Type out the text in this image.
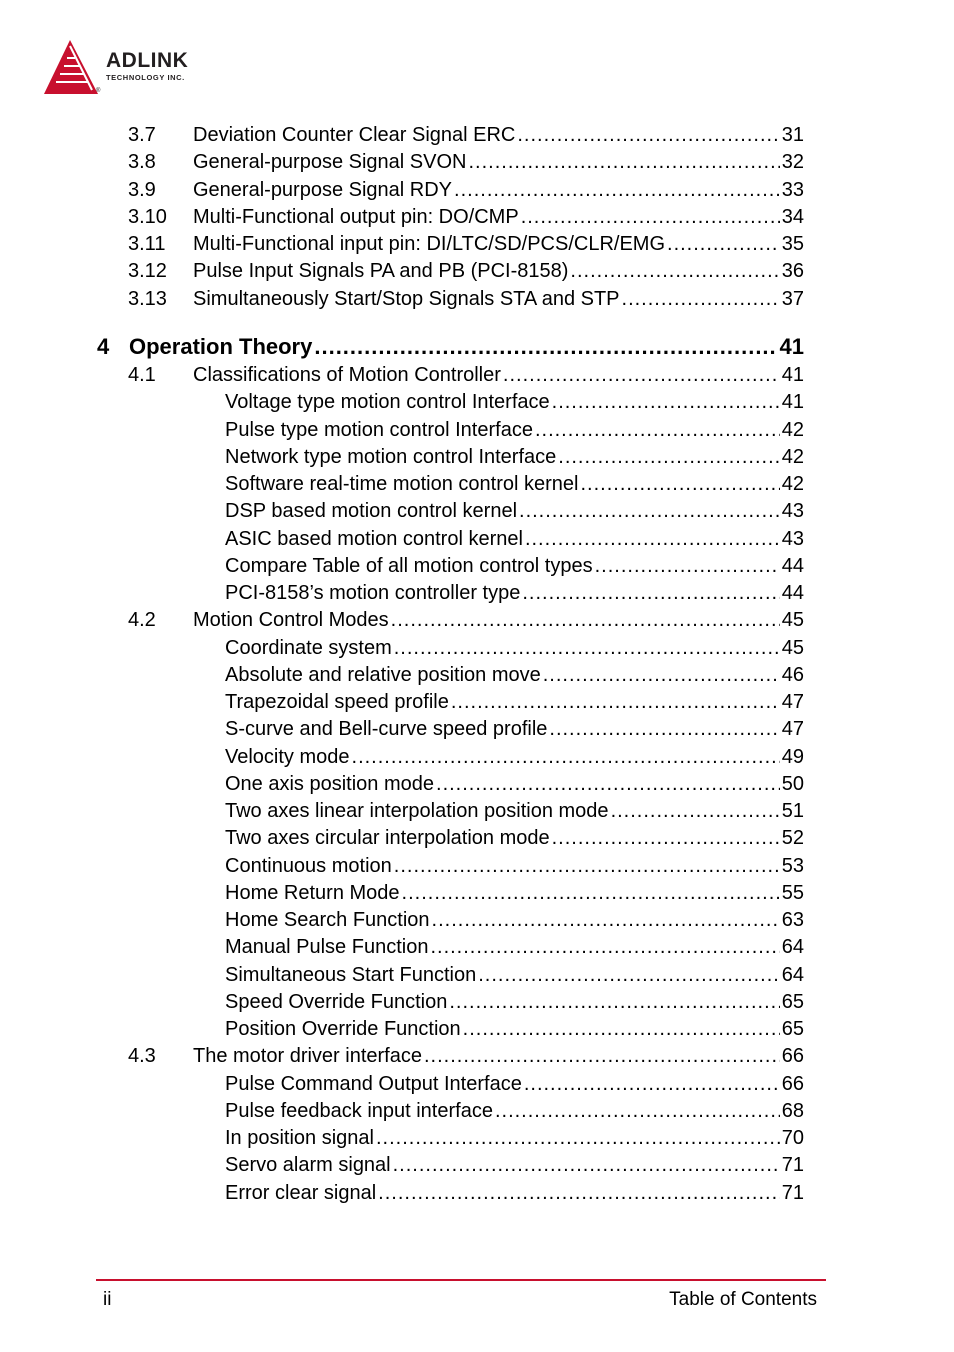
ADLINK
TECHNOLOGY INC.
®
3.7 Deviation Counter Clear Signal ERC .....	31
3.8 General-purpose Signal SVON .....	32
3.9 General-purpose Signal RDY .....	33
3.10 Multi-Functional output pin: DO/CMP .....	34
3.11 Multi-Functional input pin: DI/LTC/SD/PCS/CLR/EMG .....	35
3.12 Pulse Input Signals PA and PB (PCI-8158) .....	36
3.13 Simultaneously Start/Stop Signals STA and STP .....	37
4 Operation Theory .....	41
4.1 Classifications of Motion Controller .....	41
Voltage type motion control Interface .....	41
Pulse type motion control Interface .....	42
Network type motion control Interface .....	42
Software real-time motion control kernel .....	42
DSP based motion control kernel .....	43
ASIC based motion control kernel .....	43
Compare Table of all motion control types .....	44
PCI-8158’s motion controller type .....	44
4.2 Motion Control Modes .....	45
Coordinate system .....	45
Absolute and relative position move .....	46
Trapezoidal speed profile .....	47
S-curve and Bell-curve speed profile .....	47
Velocity mode .....	49
One axis position mode .....	50
Two axes linear interpolation position mode .....	51
Two axes circular interpolation mode .....	52
Continuous motion .....	53
Home Return Mode .....	55
Home Search Function .....	63
Manual Pulse Function .....	64
Simultaneous Start Function .....	64
Speed Override Function .....	65
Position Override Function .....	65
4.3 The motor driver interface .....	66
Pulse Command Output Interface .....	66
Pulse feedback input interface .....	68
In position signal .....	70
Servo alarm signal .....	71
Error clear signal .....	71
ii	Table of Contents
